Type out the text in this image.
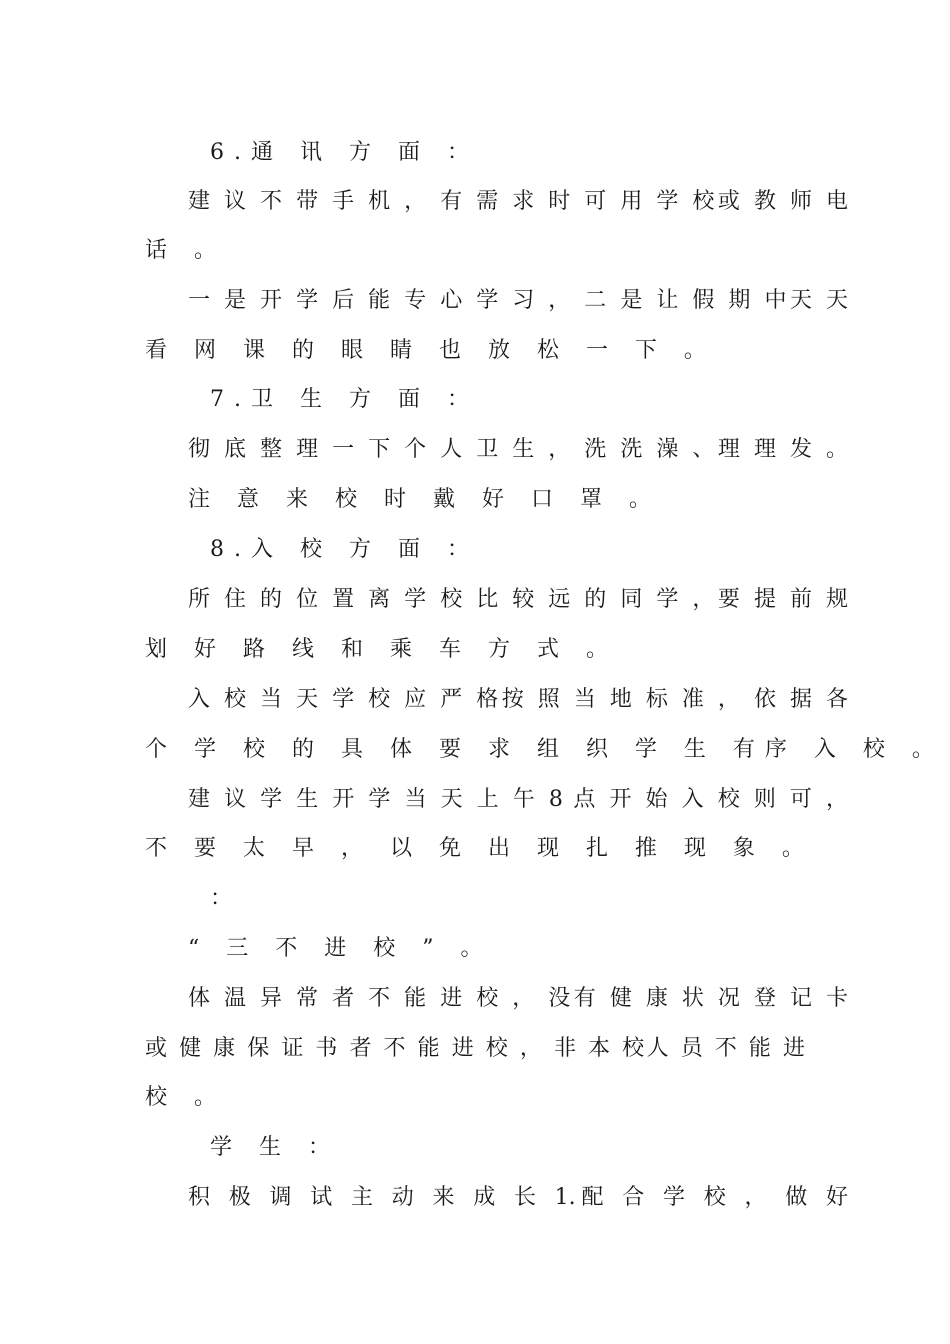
6.通 讯 方 面 ：
建 议 不 带 手 机 ， 有 需 求 时 可 用 学 校或 教 师 电
话 。
一 是 开 学 后 能 专 心 学 习 ， 二 是 让 假 期 中天 天
看 网 课 的 眼 睛 也 放 松 一 下 。
7.卫 生 方 面 ：
彻 底 整 理 一 下 个 人 卫 生 ， 洗 洗 澡 、理 理 发 。
注 意 来 校 时 戴 好 口 罩 。
8.入 校 方 面 ：
所 住 的 位 置 离 学 校 比 较 远 的 同 学 ，要 提 前 规
划 好 路 线 和 乘 车 方 式 。
入 校 当 天 学 校 应 严 格按 照 当 地 标 准 ， 依 据 各
个 学 校 的 具 体 要 求 组 织 学 生 有序 入 校 。
建 议 学 生 开 学 当 天 上 午 8 点 开 始 入 校 则 可 ，
不 要 太 早 ， 以 免 出 现 扎 推 现 象 。
：
“ 三 不 进 校 ” 。
体 温 异 常 者 不 能 进 校 ， 没有 健 康 状 况 登 记 卡
或 健 康 保 证 书 者 不 能 进 校 ， 非 本 校人 员 不 能 进
校 。
学 生 ：
积 极 调 试 主 动 来 成 长 1.配 合 学 校 ， 做 好
